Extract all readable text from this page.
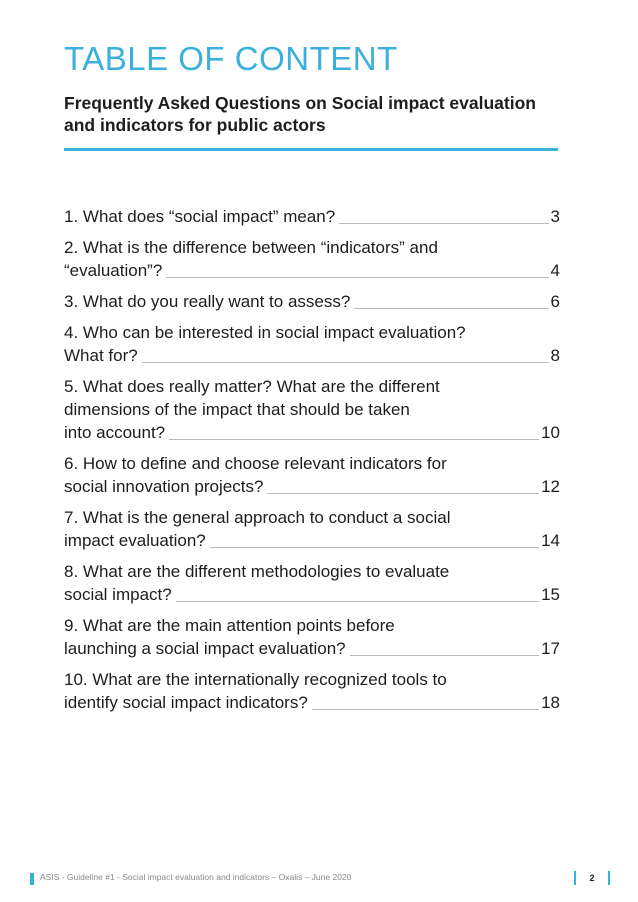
TABLE OF CONTENT
Frequently Asked Questions on Social impact evaluation
and indicators for public actors
1. What does “social impact” mean?	3
2. What is the difference between “indicators” and
“evaluation”?	4
3. What do you really want to assess?	6
4. Who can be interested in social impact evaluation?
What for?	8
5. What does really matter? What are the different
dimensions of the impact that should be taken
into account?	10
6. How to define and choose relevant indicators for
social innovation projects?	12
7. What is the general approach to conduct a social
impact evaluation?	14
8. What are the different methodologies to evaluate
social impact?	15
9. What are the main attention points before
launching a social impact evaluation?	17
10. What are the internationally recognized tools to
identify social impact indicators?	18
ASIS - Guideline #1 - Social impact evaluation and indicators – Oxalis – June 2020	2
